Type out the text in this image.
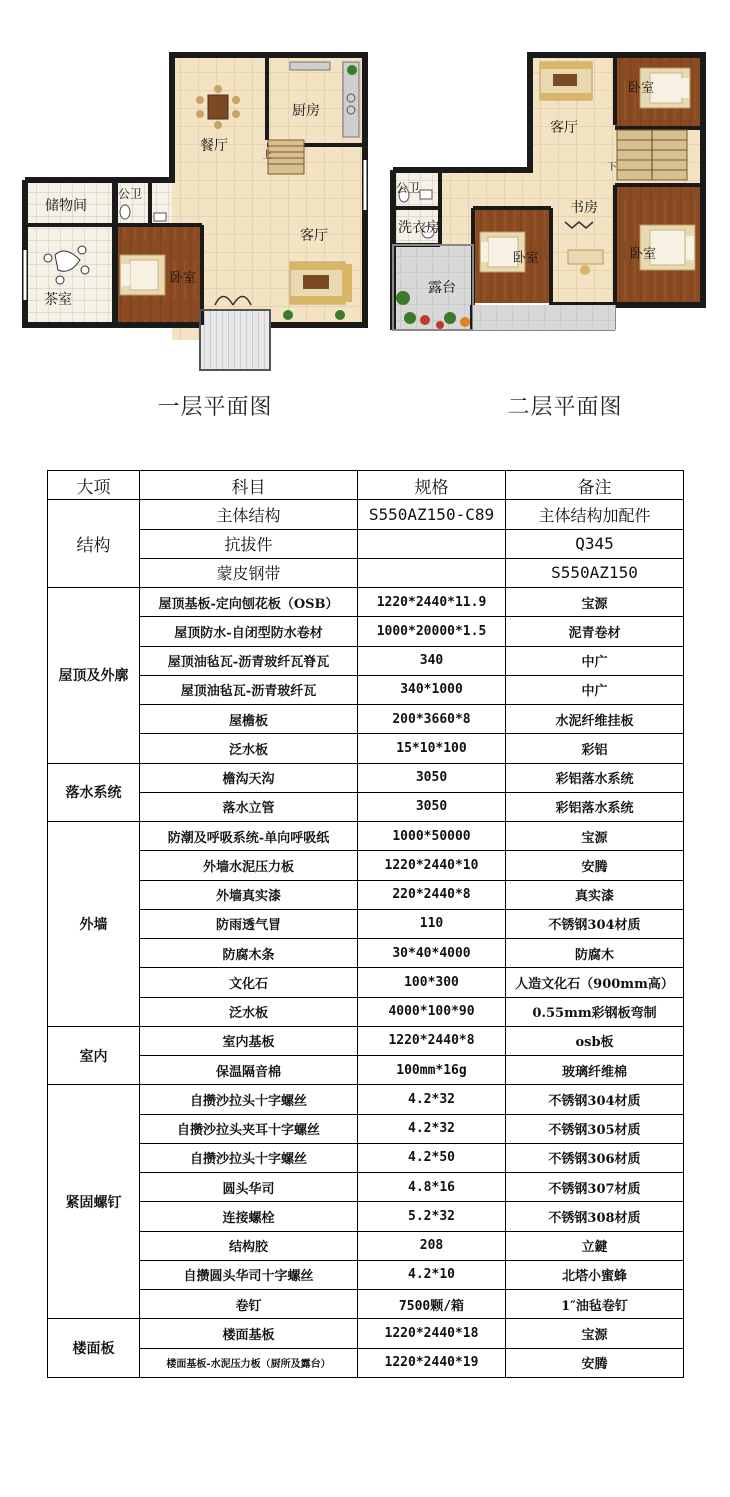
储物间
茶室
公卫
卧室
餐厅
厨房
客厅
上
客厅
卧室
公卫
洗衣房
书房
卧室	卧室
露台
下
一层平面图	二层平面图
大项	科目	规格	备注
结构	主体结构	S550AZ150-C89	主体结构加配件
	抗拔件		Q345
	蒙皮钢带		S550AZ150
屋顶及外廓	屋顶基板-定向刨花板（OSB）	1220*2440*11.9	宝源
	屋顶防水-自闭型防水卷材	1000*20000*1.5	泥青卷材
	屋顶油毡瓦-沥青玻纤瓦脊瓦	340	中广
	屋顶油毡瓦-沥青玻纤瓦	340*1000	中广
	屋檐板	200*3660*8	水泥纤维挂板
	泛水板	15*10*100	彩铝
落水系统	檐沟天沟	3050	彩铝落水系统
	落水立管	3050	彩铝落水系统
外墙	防潮及呼吸系统-单向呼吸纸	1000*50000	宝源
	外墙水泥压力板	1220*2440*10	安腾
	外墙真实漆	220*2440*8	真实漆
	防雨透气冒	110	不锈钢304材质
	防腐木条	30*40*4000	防腐木
	文化石	100*300	人造文化石（900mm高）
	泛水板	4000*100*90	0.55mm彩钢板弯制
室内	室内基板	1220*2440*8	osb板
	保温隔音棉	100mm*16g	玻璃纤维棉
紧固螺钉	自攒沙拉头十字螺丝	4.2*32	不锈钢304材质
	自攒沙拉头夹耳十字螺丝	4.2*32	不锈钢305材质
	自攒沙拉头十字螺丝	4.2*50	不锈钢306材质
	圆头华司	4.8*16	不锈钢307材质
	连接螺栓	5.2*32	不锈钢308材质
	结构胶	208	立鍵
	自攒圆头华司十字螺丝	4.2*10	北塔小蜜蜂
	卷钉	7500颗/箱	1″油毡卷钉
楼面板	楼面基板	1220*2440*18	宝源
	楼面基板-水泥压力板（厨所及露台）	1220*2440*19	安腾
